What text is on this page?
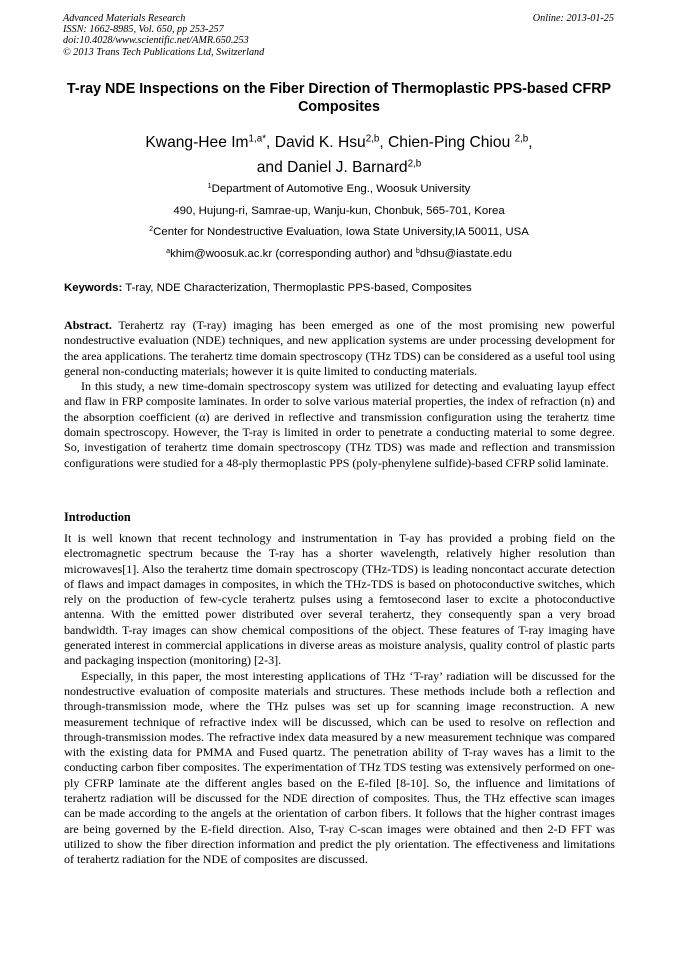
Advanced Materials Research
ISSN: 1662-8985, Vol. 650, pp 253-257
doi:10.4028/www.scientific.net/AMR.650.253
© 2013 Trans Tech Publications Ltd, Switzerland
Online: 2013-01-25
T-ray NDE Inspections on the Fiber Direction of Thermoplastic PPS-based CFRP Composites
Kwang-Hee $Im^{1,a*}$, David K. Hsu$^{2,b}$, Chien-Ping Chiou $^{2,b}$,
and Daniel J. Barnard$^{2,b}$
$^1$Department of Automotive Eng., Woosuk University
490, Hujung-ri, Samrae-up, Wanju-kun, Chonbuk, 565-701, Korea
$^2$Center for Nondestructive Evaluation, Iowa State University,IA 50011, USA
$^a$khim@woosuk.ac.kr (corresponding author) and $^b$dhsu@iastate.edu
Keywords: T-ray, NDE Characterization, Thermoplastic PPS-based, Composites

Abstract. Terahertz ray (T-ray) imaging has been emerged as one of the most promising new powerful nondestructive evaluation (NDE) techniques, and new application systems are under processing development for the area applications. The terahertz time domain spectroscopy (THz TDS) can be considered as a useful tool using general non-conducting materials; however it is quite limited to conducting materials.

In this study, a new time-domain spectroscopy system was utilized for detecting and evaluating layup effect and flaw in FRP composite laminates. In order to solve various material properties, the index of refraction (n) and the absorption coefficient (α) are derived in reflective and transmission configuration using the terahertz time domain spectroscopy. However, the T-ray is limited in order to penetrate a conducting material to some degree. So, investigation of terahertz time domain spectroscopy (THz TDS) was made and reflection and transmission configurations were studied for a 48-ply thermoplastic PPS (poly-phenylene sulfide)-based CFRP solid laminate.

Introduction

It is well known that recent technology and instrumentation in T-ay has provided a probing field on the electromagnetic spectrum because the T-ray has a shorter wavelength, relatively higher resolution than microwaves[1]. Also the terahertz time domain spectroscopy (THz-TDS) is leading noncontact accurate detection of flaws and impact damages in composites, in which the THz-TDS is based on photoconductive switches, which rely on the production of few-cycle terahertz pulses using a femtosecond laser to excite a photoconductive antenna. With the emitted power distributed over several terahertz, they consequently span a very broad bandwidth. T-ray images can show chemical compositions of the object. These features of T-ray imaging have generated interest in commercial applications in diverse areas as moisture analysis, quality control of plastic parts and packaging inspection (monitoring) [2-3].

Especially, in this paper, the most interesting applications of THz ‘T-ray’ radiation will be discussed for the nondestructive evaluation of composite materials and structures. These methods include both a reflection and through-transmission mode, where the THz pulses was set up for scanning image reconstruction. A new measurement technique of refractive index will be discussed, which can be used to resolve on reflection and through-transmission modes. The refractive index data measured by a new measurement technique was compared with the existing data for PMMA and Fused quartz. The penetration ability of T-ray waves has a limit to the conducting carbon fiber composites. The experimentation of THz TDS testing was extensively performed on one-ply CFRP laminate ate the different angles based on the E-filed [8-10]. So, the influence and limitations of terahertz radiation will be discussed for the NDE direction of composites. Thus, the THz effective scan images can be made according to the angels at the orientation of carbon fibers. It follows that the higher contrast images are being governed by the E-field direction. Also, T-ray C-scan images were obtained and then 2-D FFT was utilized to show the fiber direction information and predict the ply orientation. The effectiveness and limitations of terahertz radiation for the NDE of composites are discussed.
